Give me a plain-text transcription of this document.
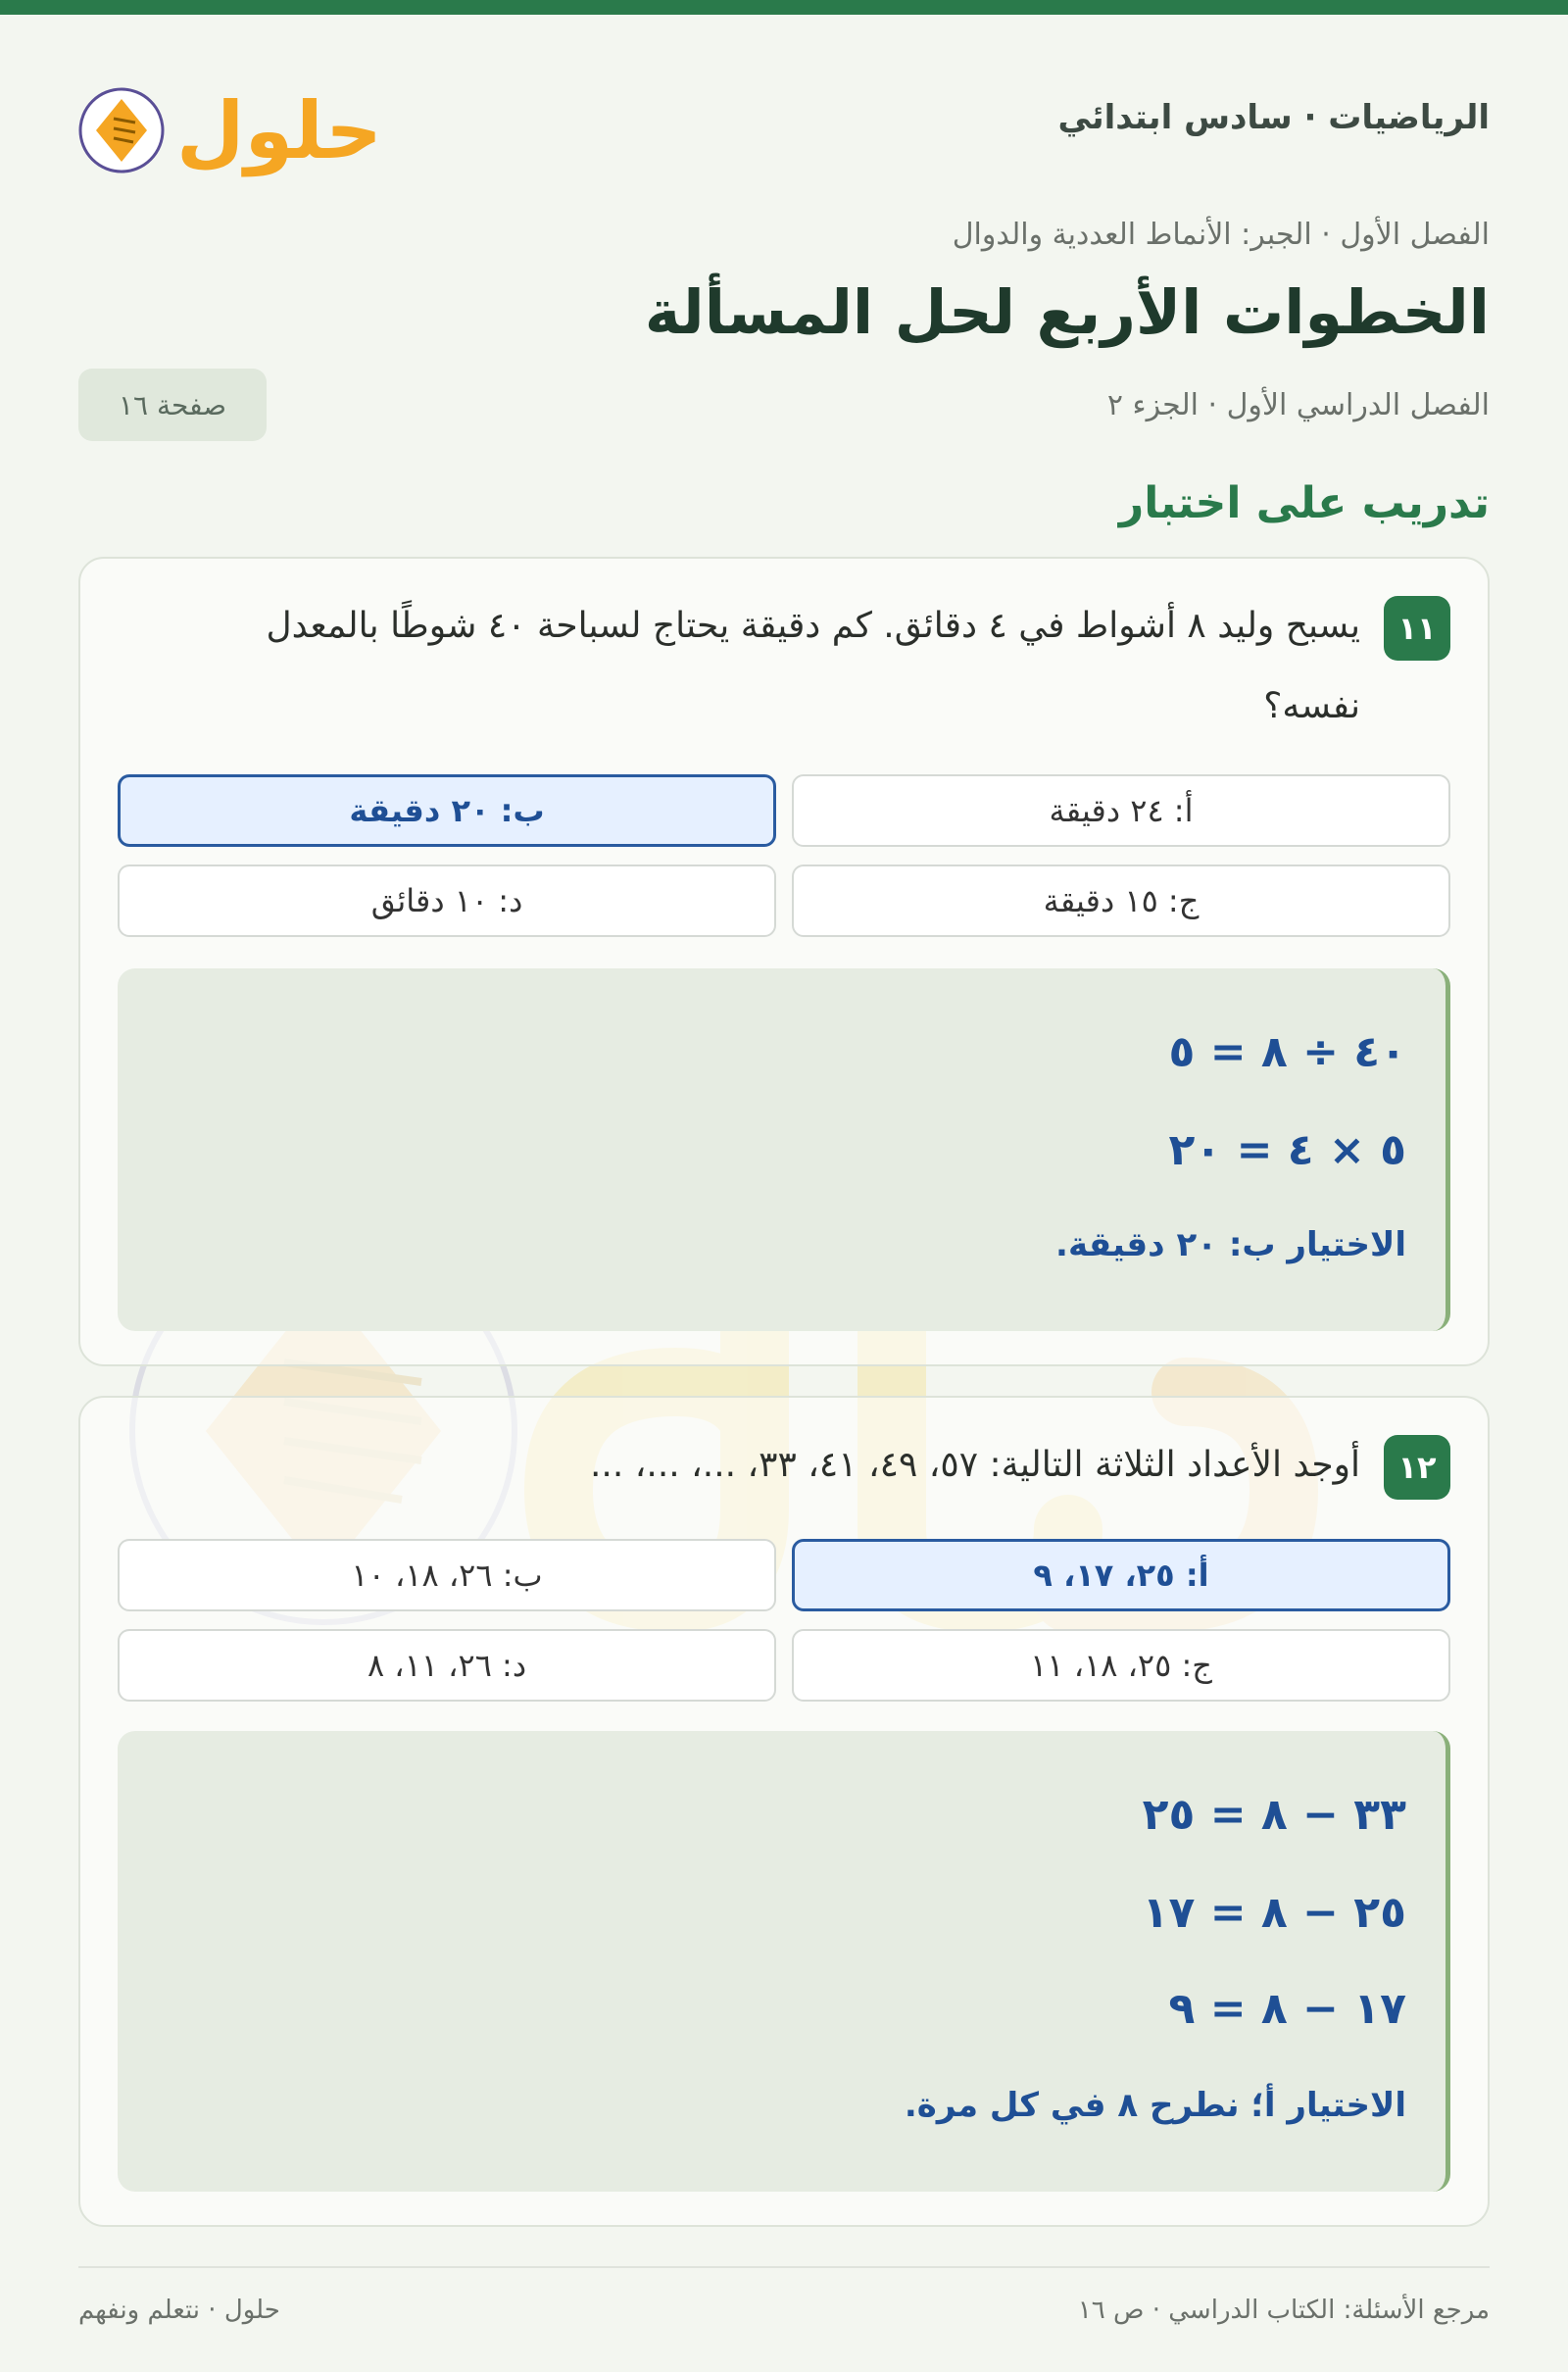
حلول	الرياضيات · سادس ابتدائي
الفصل الأول · الجبر: الأنماط العددية والدوال
الخطوات الأربع لحل المسألة
الفصل الدراسي الأول · الجزء ٢
صفحة ١٦
تدريب على اختبار
١١
يسبح وليد ٨ أشواط في ٤ دقائق. كم دقيقة يحتاج لسباحة ٤٠ شوطًا بالمعدل نفسه؟
أ: ٢٤ دقيقة
ب: ٢٠ دقيقة
ج: ١٥ دقيقة
د: ١٠ دقائق
٤٠ ÷ ٨ = ٥
٥ × ٤ = ٢٠
الاختيار ب: ٢٠ دقيقة.
١٢
أوجد الأعداد الثلاثة التالية: ٥٧، ٤٩، ٤١، ٣٣، ...، ...، ...
أ: ٢٥، ١٧، ٩
ب: ٢٦، ١٨، ١٠
ج: ٢٥، ١٨، ١١
د: ٢٦، ١١، ٨
٣٣ − ٨ = ٢٥
٢٥ − ٨ = ١٧
١٧ − ٨ = ٩
الاختيار أ؛ نطرح ٨ في كل مرة.
مرجع الأسئلة: الكتاب الدراسي · ص ١٦
حلول · نتعلم ونفهم
